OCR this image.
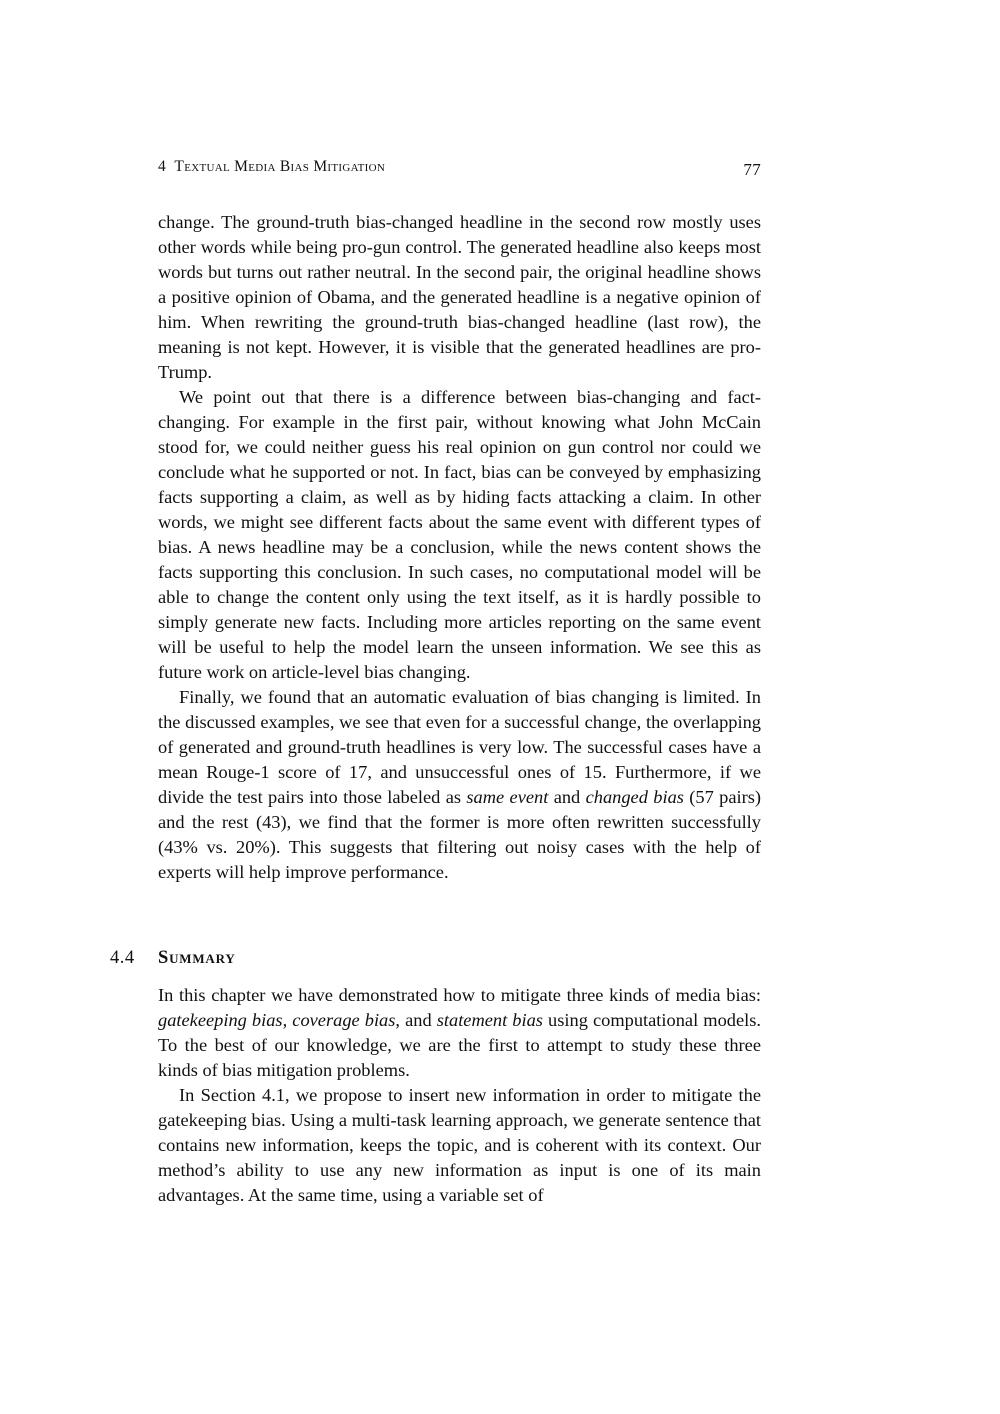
4 Textual Media Bias Mitigation	77

change. The ground-truth bias-changed headline in the second row mostly uses other words while being pro-gun control. The generated headline also keeps most words but turns out rather neutral. In the second pair, the original headline shows a positive opinion of Obama, and the generated headline is a negative opinion of him. When rewriting the ground-truth bias-changed headline (last row), the meaning is not kept. However, it is visible that the generated headlines are pro-Trump.

We point out that there is a difference between bias-changing and fact-changing. For example in the first pair, without knowing what John McCain stood for, we could neither guess his real opinion on gun control nor could we conclude what he supported or not. In fact, bias can be conveyed by emphasizing facts supporting a claim, as well as by hiding facts attacking a claim. In other words, we might see different facts about the same event with different types of bias. A news headline may be a conclusion, while the news content shows the facts supporting this conclusion. In such cases, no computational model will be able to change the content only using the text itself, as it is hardly possible to simply generate new facts. Including more articles reporting on the same event will be useful to help the model learn the unseen information. We see this as future work on article-level bias changing.

Finally, we found that an automatic evaluation of bias changing is limited. In the discussed examples, we see that even for a successful change, the overlapping of generated and ground-truth headlines is very low. The successful cases have a mean Rouge-1 score of 17, and unsuccessful ones of 15. Furthermore, if we divide the test pairs into those labeled as same event and changed bias (57 pairs) and the rest (43), we find that the former is more often rewritten successfully (43% vs. 20%). This suggests that filtering out noisy cases with the help of experts will help improve performance.

4.4 Summary

In this chapter we have demonstrated how to mitigate three kinds of media bias: gatekeeping bias, coverage bias, and statement bias using computational models. To the best of our knowledge, we are the first to attempt to study these three kinds of bias mitigation problems.

In Section 4.1, we propose to insert new information in order to mitigate the gatekeeping bias. Using a multi-task learning approach, we generate sentence that contains new information, keeps the topic, and is coherent with its context. Our method’s ability to use any new information as input is one of its main advantages. At the same time, using a variable set of
